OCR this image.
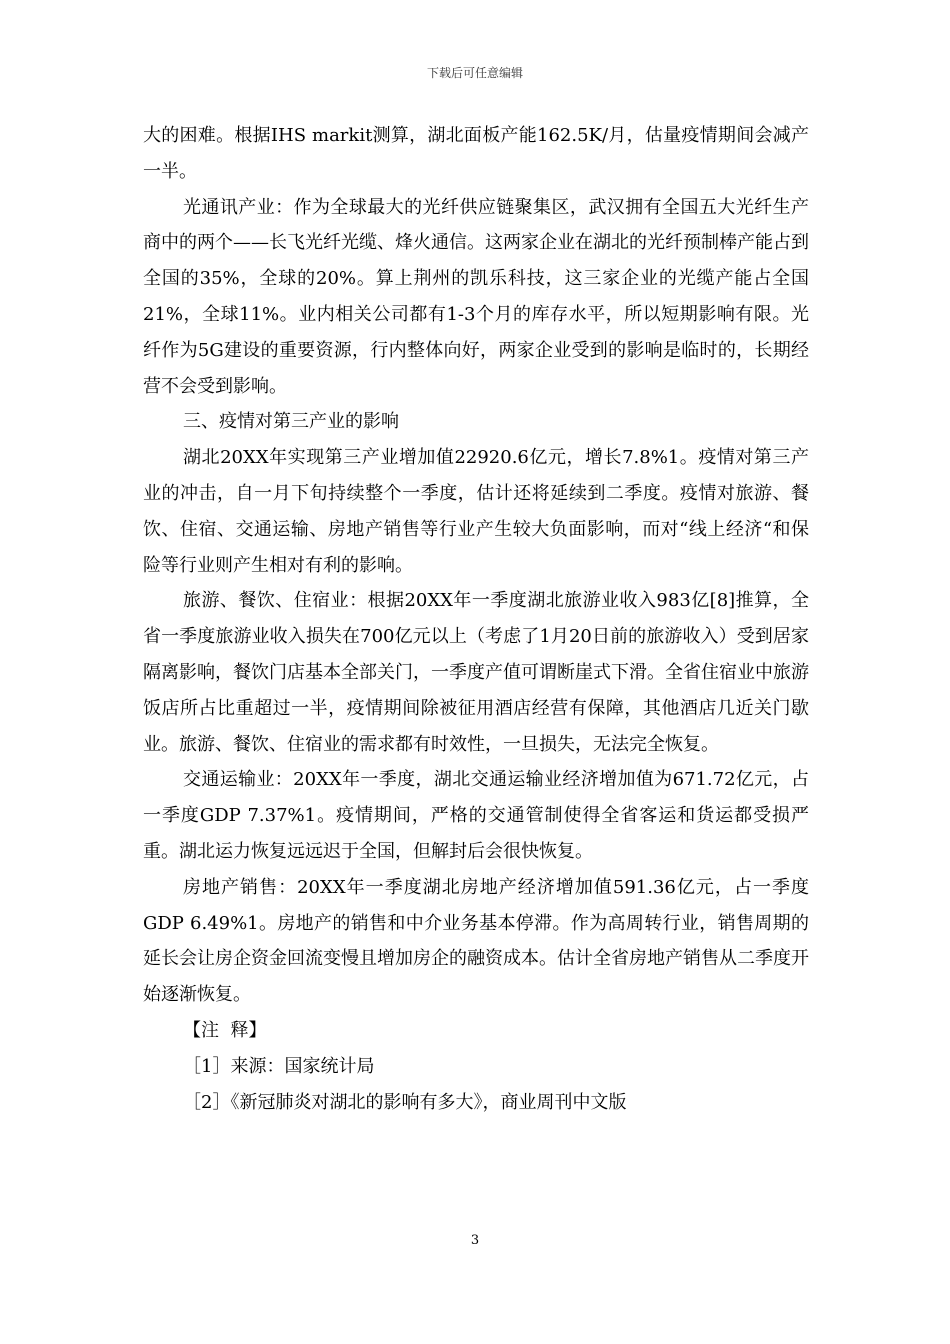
下载后可任意编辑

大的困难。根据IHS markit测算，湖北面板产能162.5K/月，估量疫情期间会减产一半。

光通讯产业：作为全球最大的光纤供应链聚集区，武汉拥有全国五大光纤生产商中的两个——长飞光纤光缆、烽火通信。这两家企业在湖北的光纤预制棒产能占到全国的35%，全球的20%。算上荆州的凯乐科技，这三家企业的光缆产能占全国21%，全球11%。业内相关公司都有1-3个月的库存水平，所以短期影响有限。光纤作为5G建设的重要资源，行内整体向好，两家企业受到的影响是临时的，长期经营不会受到影响。

三、疫情对第三产业的影响

湖北20XX年实现第三产业增加值22920.6亿元，增长7.8%1。疫情对第三产业的冲击，自一月下旬持续整个一季度，估计还将延续到二季度。疫情对旅游、餐饮、住宿、交通运输、房地产销售等行业产生较大负面影响，而对“线上经济“和保险等行业则产生相对有利的影响。

旅游、餐饮、住宿业：根据20XX年一季度湖北旅游业收入983亿[8]推算，全省一季度旅游业收入损失在700亿元以上（考虑了1月20日前的旅游收入）受到居家隔离影响，餐饮门店基本全部关门，一季度产值可谓断崖式下滑。全省住宿业中旅游饭店所占比重超过一半，疫情期间除被征用酒店经营有保障，其他酒店几近关门歇业。旅游、餐饮、住宿业的需求都有时效性，一旦损失，无法完全恢复。

交通运输业：20XX年一季度，湖北交通运输业经济增加值为671.72亿元，占一季度GDP 7.37%1。疫情期间，严格的交通管制使得全省客运和货运都受损严重。湖北运力恢复远远迟于全国，但解封后会很快恢复。

房地产销售：20XX年一季度湖北房地产经济增加值591.36亿元，占一季度GDP 6.49%1。房地产的销售和中介业务基本停滞。作为高周转行业，销售周期的延长会让房企资金回流变慢且增加房企的融资成本。估计全省房地产销售从二季度开始逐渐恢复。

【注  释】

［1］来源：国家统计局

［2］《新冠肺炎对湖北的影响有多大》，商业周刊中文版

3
